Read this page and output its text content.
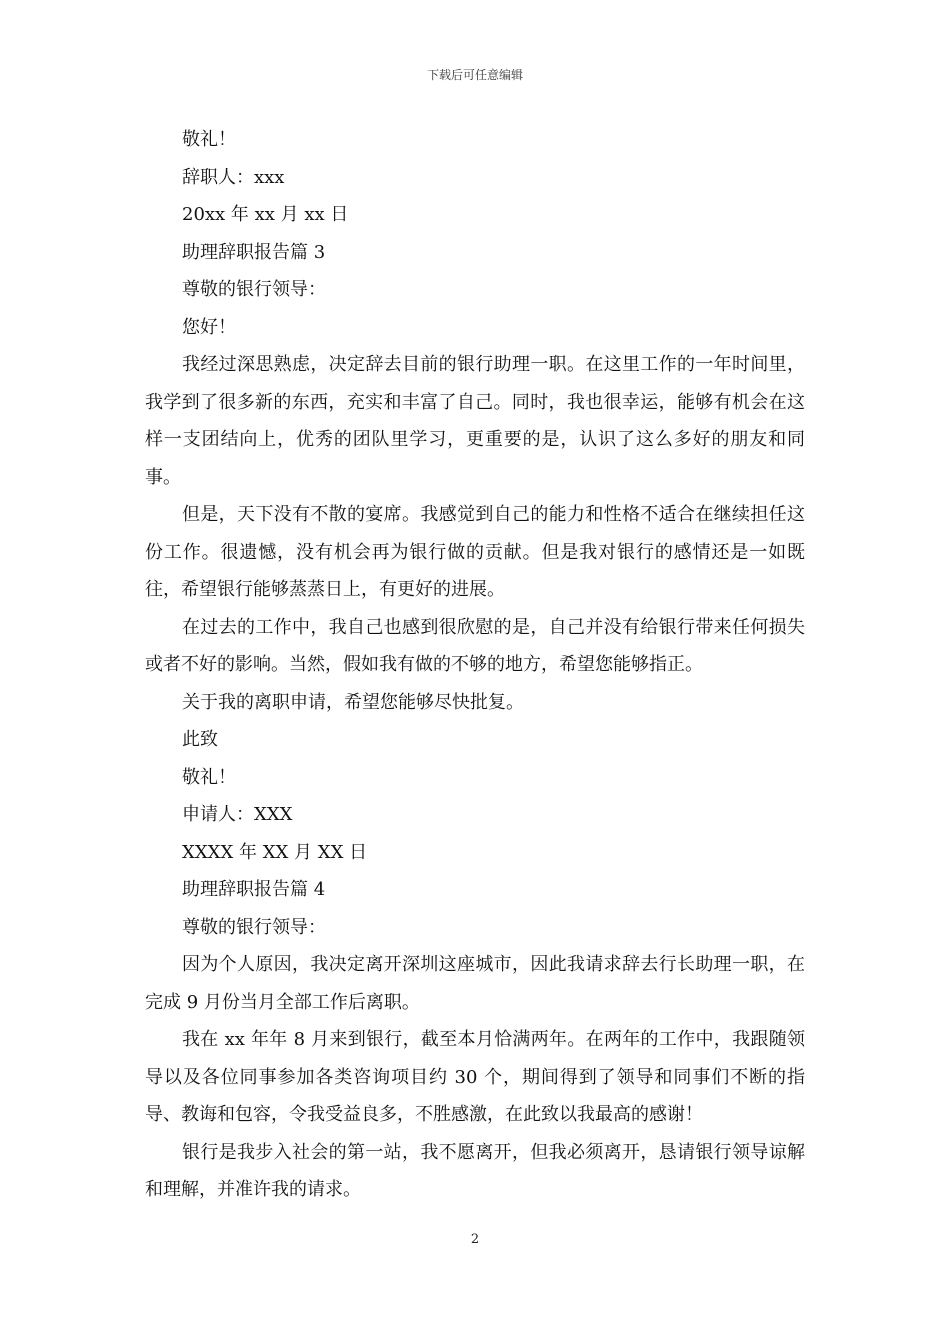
下载后可任意编辑
敬礼！
辞职人：xxx
20xx 年 xx 月 xx 日
助理辞职报告篇 3
尊敬的银行领导：
您好！

我经过深思熟虑，决定辞去目前的银行助理一职。在这里工作的一年时间里，我学到了很多新的东西，充实和丰富了自己。同时，我也很幸运，能够有机会在这样一支团结向上，优秀的团队里学习，更重要的是，认识了这么多好的朋友和同事。

但是，天下没有不散的宴席。我感觉到自己的能力和性格不适合在继续担任这份工作。很遗憾，没有机会再为银行做的贡献。但是我对银行的感情还是一如既往，希望银行能够蒸蒸日上，有更好的进展。

在过去的工作中，我自己也感到很欣慰的是，自己并没有给银行带来任何损失或者不好的影响。当然，假如我有做的不够的地方，希望您能够指正。

关于我的离职申请，希望您能够尽快批复。
此致
敬礼！
申请人：XXX
XXXX 年 XX 月 XX 日
助理辞职报告篇 4
尊敬的银行领导：

因为个人原因，我决定离开深圳这座城市，因此我请求辞去行长助理一职，在完成 9 月份当月全部工作后离职。

我在 xx 年年 8 月来到银行，截至本月恰满两年。在两年的工作中，我跟随领导以及各位同事参加各类咨询项目约 30 个，期间得到了领导和同事们不断的指导、教诲和包容，令我受益良多，不胜感激，在此致以我最高的感谢！

银行是我步入社会的第一站，我不愿离开，但我必须离开，恳请银行领导谅解和理解，并准许我的请求。

2
